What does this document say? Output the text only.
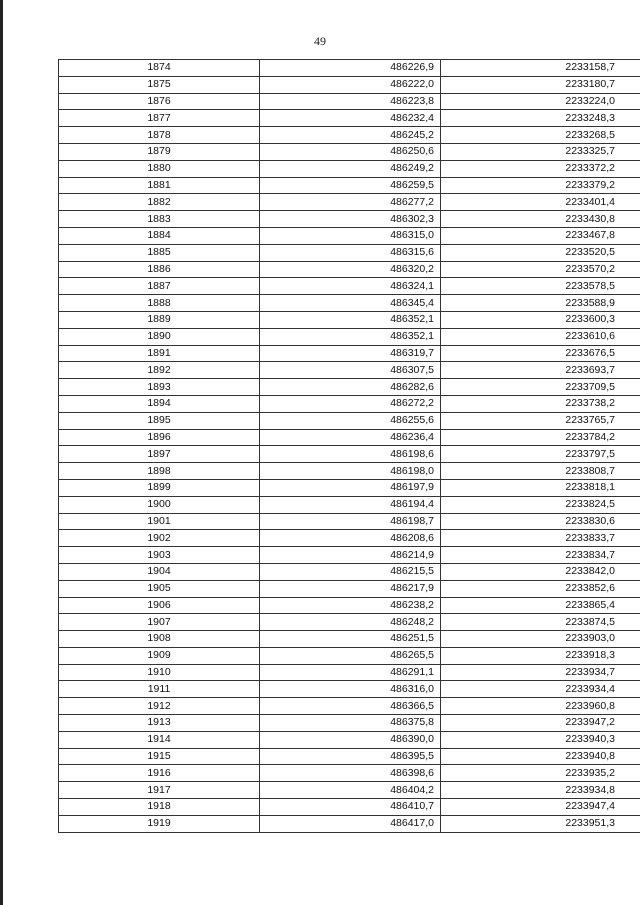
49
1874	486226,9	2233158,7
1875	486222,0	2233180,7
1876	486223,8	2233224,0
1877	486232,4	2233248,3
1878	486245,2	2233268,5
1879	486250,6	2233325,7
1880	486249,2	2233372,2
1881	486259,5	2233379,2
1882	486277,2	2233401,4
1883	486302,3	2233430,8
1884	486315,0	2233467,8
1885	486315,6	2233520,5
1886	486320,2	2233570,2
1887	486324,1	2233578,5
1888	486345,4	2233588,9
1889	486352,1	2233600,3
1890	486352,1	2233610,6
1891	486319,7	2233676,5
1892	486307,5	2233693,7
1893	486282,6	2233709,5
1894	486272,2	2233738,2
1895	486255,6	2233765,7
1896	486236,4	2233784,2
1897	486198,6	2233797,5
1898	486198,0	2233808,7
1899	486197,9	2233818,1
1900	486194,4	2233824,5
1901	486198,7	2233830,6
1902	486208,6	2233833,7
1903	486214,9	2233834,7
1904	486215,5	2233842,0
1905	486217,9	2233852,6
1906	486238,2	2233865,4
1907	486248,2	2233874,5
1908	486251,5	2233903,0
1909	486265,5	2233918,3
1910	486291,1	2233934,7
1911	486316,0	2233934,4
1912	486366,5	2233960,8
1913	486375,8	2233947,2
1914	486390,0	2233940,3
1915	486395,5	2233940,8
1916	486398,6	2233935,2
1917	486404,2	2233934,8
1918	486410,7	2233947,4
1919	486417,0	2233951,3
